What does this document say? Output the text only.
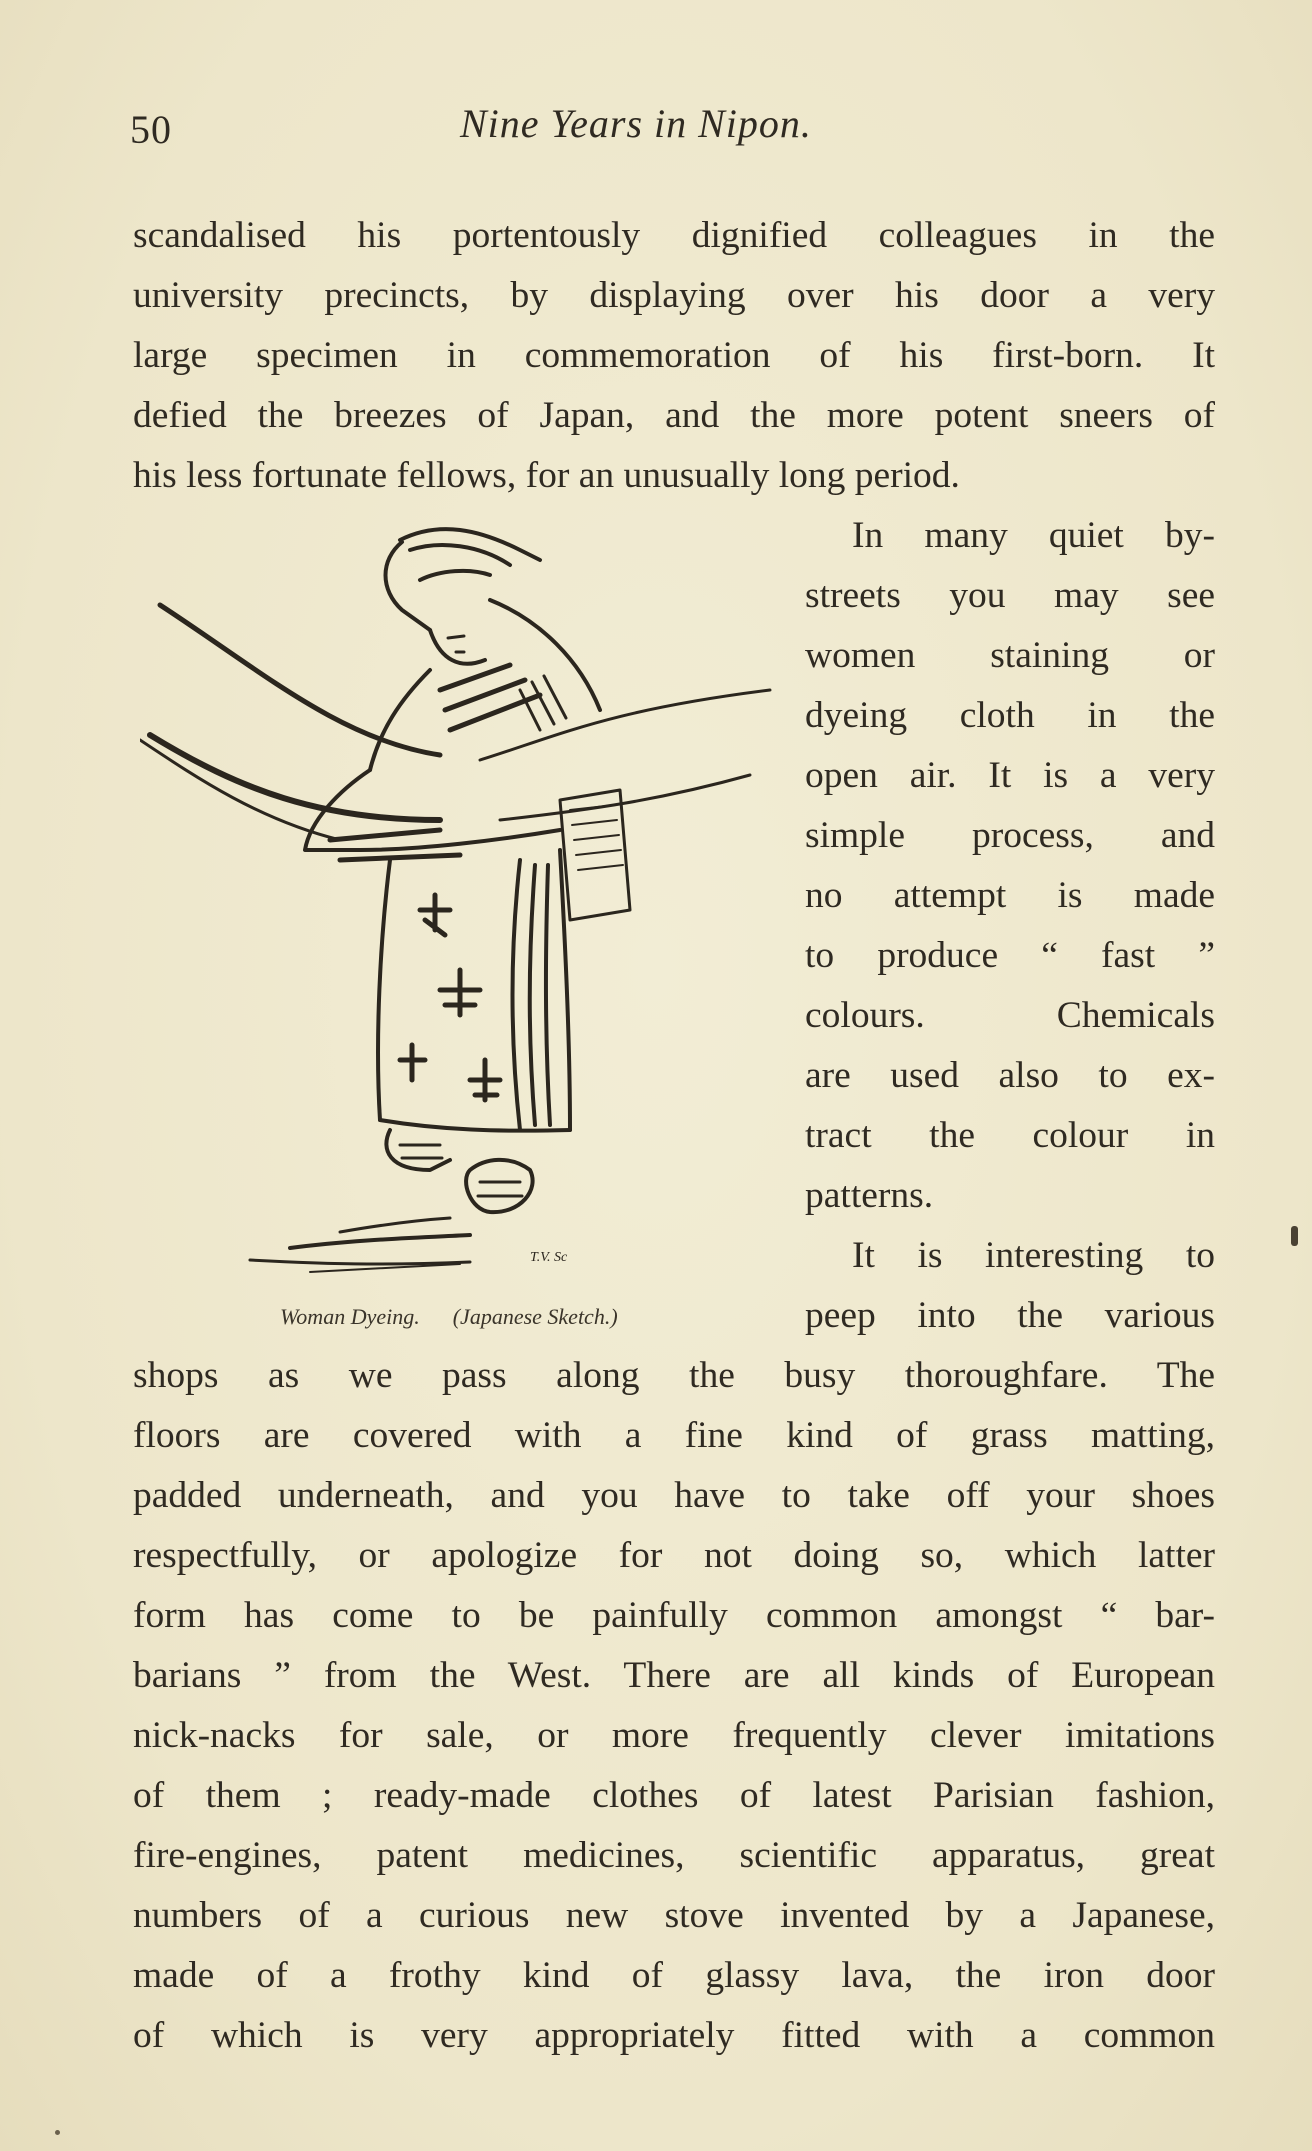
50	Nine Years in Nipon.
scandalised his portentously dignified colleagues in the
university precincts, by displaying over his door a very
large specimen in commemoration of his first-born. It
defied the breezes of Japan, and the more potent sneers of
his less fortunate fellows, for an unusually long period.
In many quiet by-
streets you may see
women staining or
dyeing cloth in the
open air. It is a very
simple process, and
no attempt is made
to produce “ fast ”
colours. Chemicals
are used also to ex-
tract the colour in
patterns.
It is interesting to
peep into the various
shops as we pass along the busy thoroughfare. The
floors are covered with a fine kind of grass matting,
padded underneath, and you have to take off your shoes
respectfully, or apologize for not doing so, which latter
form has come to be painfully common amongst “ bar-
barians ” from the West. There are all kinds of European
nick-nacks for sale, or more frequently clever imitations
of them ; ready-made clothes of latest Parisian fashion,
fire-engines, patent medicines, scientific apparatus, great
numbers of a curious new stove invented by a Japanese,
made of a frothy kind of glassy lava, the iron door
of which is very appropriately fitted with a common
T.V. Sc
Woman Dyeing. (Japanese Sketch.)
